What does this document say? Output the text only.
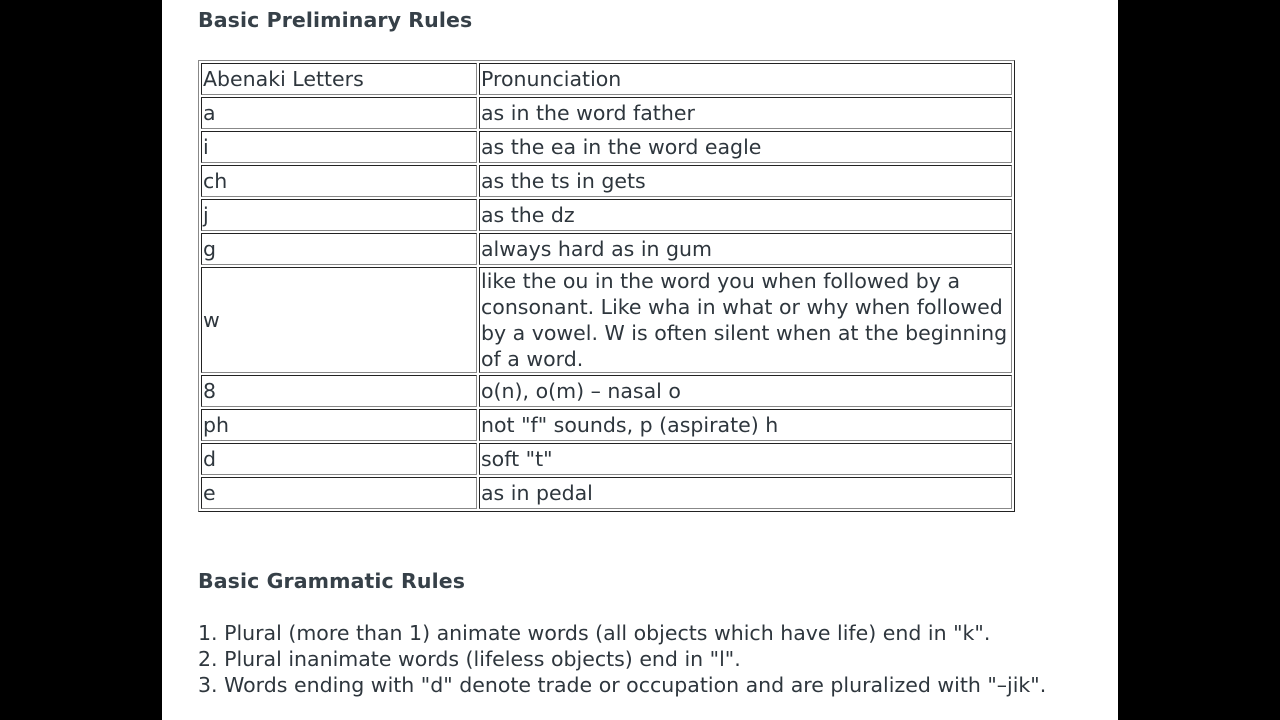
Basic Preliminary Rules
Abenaki Letters	Pronunciation
a	as in the word father
i	as the ea in the word eagle
ch	as the ts in gets
j	as the dz
g	always hard as in gum
w	like the ou in the word you when followed by a consonant. Like wha in what or why when followed by a vowel. W is often silent when at the beginning of a word.
8	o(n), o(m) – nasal o
ph	not "f" sounds, p (aspirate) h
d	soft "t"
e	as in pedal
Basic Grammatic Rules
1. Plural (more than 1) animate words (all objects which have life) end in "k".
2. Plural inanimate words (lifeless objects) end in "l".
3. Words ending with "d" denote trade or occupation and are pluralized with "–jik".
